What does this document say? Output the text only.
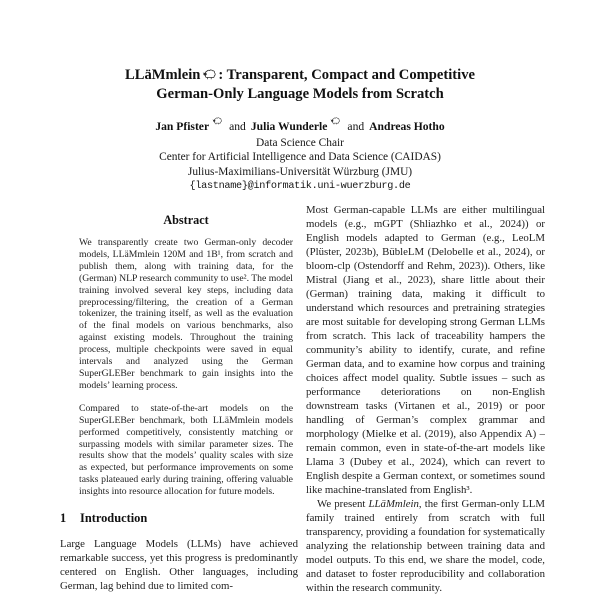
LLäMmlein : Transparent, Compact and Competitive
German-Only Language Models from Scratch
Jan Pfister and Julia Wunderle and Andreas Hotho
Data Science Chair
Center for Artificial Intelligence and Data Science (CAIDAS)
Julius-Maximilians-Universität Würzburg (JMU)
{lastname}@informatik.uni-wuerzburg.de
Abstract

We transparently create two German-only decoder models, LLäMmlein 120M and 1B¹, from scratch and publish them, along with training data, for the (German) NLP research community to use². The model training involved several key steps, including data preprocessing/filtering, the creation of a German tokenizer, the training itself, as well as the evaluation of the final models on various benchmarks, also against existing models. Throughout the training process, multiple checkpoints were saved in equal intervals and analyzed using the German SuperGLEBer benchmark to gain insights into the models’ learning process.

Compared to state-of-the-art models on the SuperGLEBer benchmark, both LLäMmlein models performed competitively, consistently matching or surpassing models with similar parameter sizes. The results show that the models’ quality scales with size as expected, but performance improvements on some tasks plateaued early during training, offering valuable insights into resource allocation for future models.

1 Introduction

Large Language Models (LLMs) have achieved remarkable success, yet this progress is predominantly centered on English. Other languages, including German, lag behind due to limited com-

Most German-capable LLMs are either multilingual models (e.g., mGPT (Shliazhko et al., 2024)) or English models adapted to German (e.g., LeoLM (Plüster, 2023b), BübleLM (Delobelle et al., 2024), or bloom-clp (Ostendorff and Rehm, 2023)). Others, like Mistral (Jiang et al., 2023), share little about their (German) training data, making it difficult to understand which resources and pretraining strategies are most suitable for developing strong German LLMs from scratch. This lack of traceability hampers the community’s ability to identify, curate, and refine German data, and to examine how corpus and training choices affect model quality. Subtle issues – such as performance deteriorations on non-English downstream tasks (Virtanen et al., 2019) or poor handling of German’s complex grammar and morphology (Mielke et al. (2019), also Appendix A) – remain common, even in state-of-the-art models like Llama 3 (Dubey et al., 2024), which can revert to English despite a German context, or sometimes sound like machine-translated from English³.

We present LLäMmlein, the first German-only LLM family trained entirely from scratch with full transparency, providing a foundation for systematically analyzing the relationship between training data and model outputs. To this end, we share the model, code, and dataset to foster reproducibility and collaboration within the research community.
